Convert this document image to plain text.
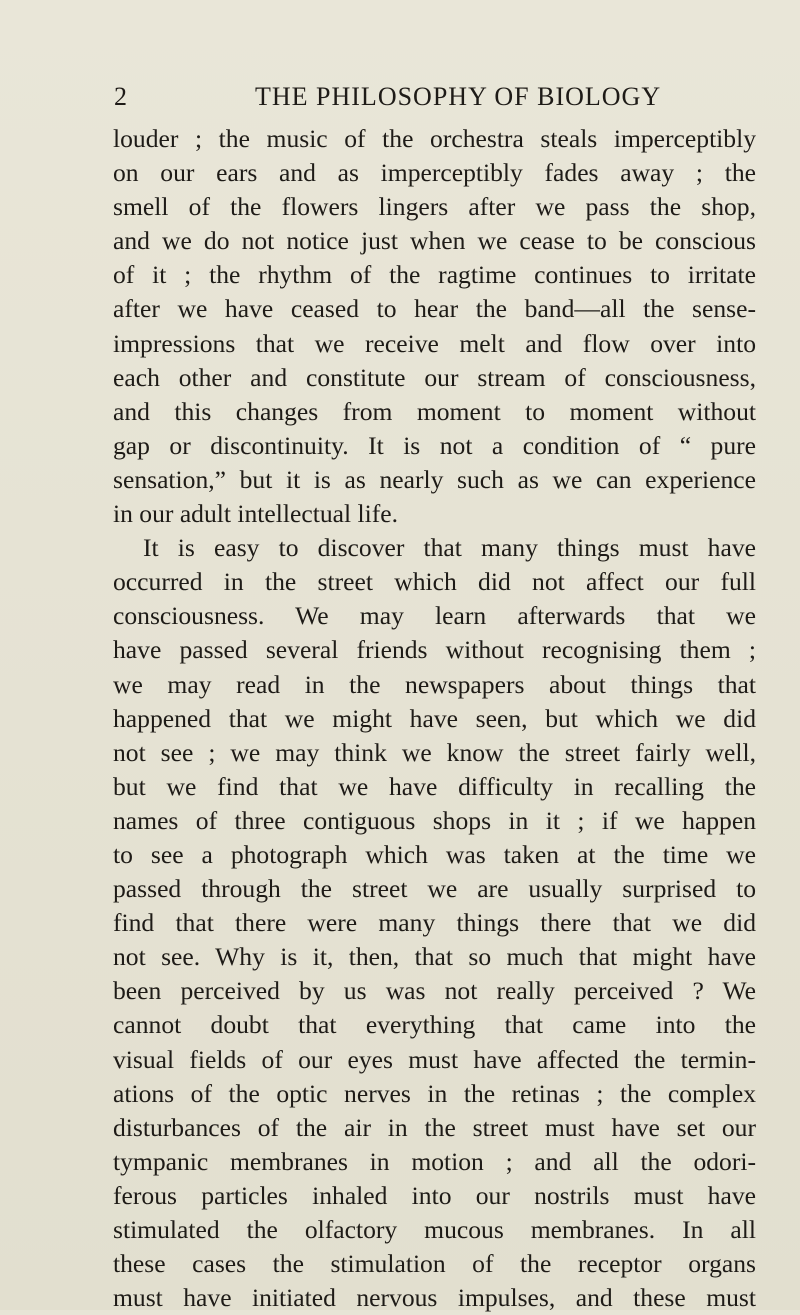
2	THE PHILOSOPHY OF BIOLOGY
louder ; the music of the orchestra steals imperceptibly
on our ears and as imperceptibly fades away ; the
smell of the flowers lingers after we pass the shop,
and we do not notice just when we cease to be conscious
of it ; the rhythm of the ragtime continues to irritate
after we have ceased to hear the band—all the sense-
impressions that we receive melt and flow over into
each other and constitute our stream of consciousness,
and this changes from moment to moment without
gap or discontinuity. It is not a condition of “ pure
sensation,” but it is as nearly such as we can experience
in our adult intellectual life.
It is easy to discover that many things must have
occurred in the street which did not affect our full
consciousness. We may learn afterwards that we
have passed several friends without recognising them ;
we may read in the newspapers about things that
happened that we might have seen, but which we did
not see ; we may think we know the street fairly well,
but we find that we have difficulty in recalling the
names of three contiguous shops in it ; if we happen
to see a photograph which was taken at the time we
passed through the street we are usually surprised to
find that there were many things there that we did
not see. Why is it, then, that so much that might have
been perceived by us was not really perceived ? We
cannot doubt that everything that came into the
visual fields of our eyes must have affected the termin-
ations of the optic nerves in the retinas ; the complex
disturbances of the air in the street must have set our
tympanic membranes in motion ; and all the odori-
ferous particles inhaled into our nostrils must have
stimulated the olfactory mucous membranes. In all
these cases the stimulation of the receptor organs
must have initiated nervous impulses, and these must
